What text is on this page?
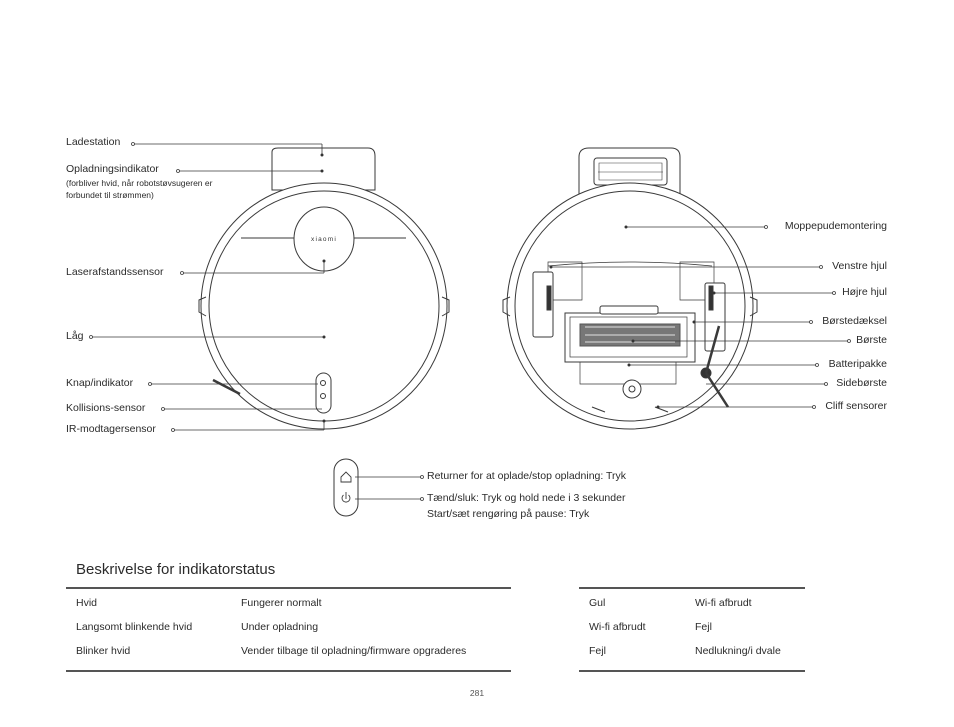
xiaomi
Ladestation
Opladningsindikator
(forbliver hvid, når robotstøvsugeren er
forbundet til strømmen)
Laserafstandssensor
Låg
Knap/indikator
Kollisions-sensor
IR-modtagersensor
Moppepudemontering
Venstre hjul
Højre hjul
Børstedæksel
Børste
Batteripakke
Sidebørste
Cliff sensorer
Returner for at oplade/stop opladning: Tryk
Tænd/sluk: Tryk og hold nede i 3 sekunder
Start/sæt rengøring på pause: Tryk
Beskrivelse for indikatorstatus
Hvid	Fungerer normalt
Langsomt blinkende hvid	Under opladning
Blinker hvid	Vender tilbage til opladning/firmware opgraderes
Gul	Wi-fi afbrudt
Wi-fi afbrudt	Fejl
Fejl	Nedlukning/i dvale
281
